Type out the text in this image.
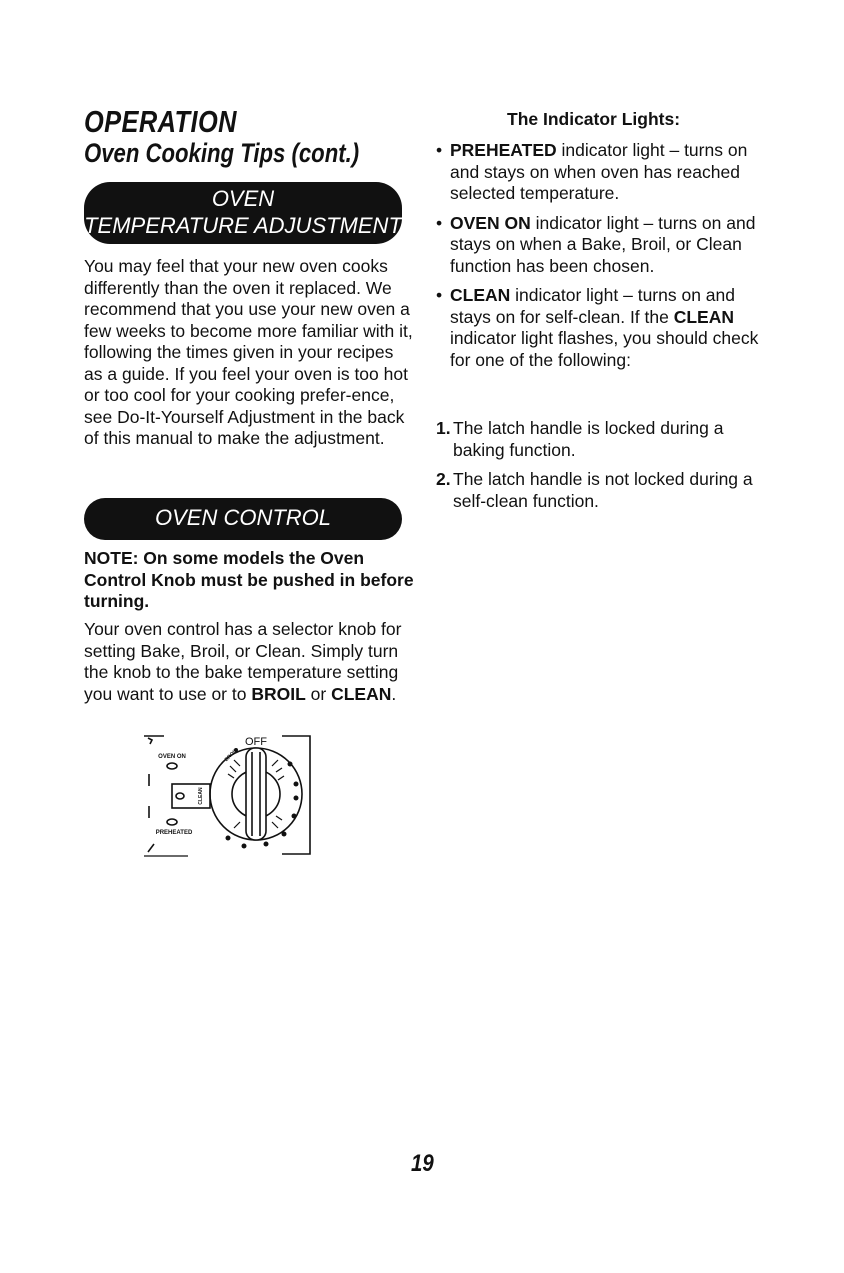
OPERATION
Oven Cooking Tips (cont.)
OVEN
TEMPERATURE ADJUSTMENT

You may feel that your new oven cooks differently than the oven it replaced. We recommend that you use your new oven a few weeks to become more familiar with it, following the times given in your recipes as a guide. If you feel your oven is too hot or too cool for your cooking prefer-ence, see Do-It-Yourself Adjustment in the back of this manual to make the adjustment.

OVEN CONTROL

NOTE: On some models the Oven Control Knob must be pushed in before turning.

Your oven control has a selector knob for setting Bake, Broil, or Clean. Simply turn the knob to the bake temperature setting you want to use or to BROIL or CLEAN.

OFF
OVEN ON
PREHEATED
CLEAN
BROIL
The Indicator Lights:
• PREHEATED indicator light – turns on and stays on when oven has reached selected temperature.
• OVEN ON indicator light – turns on and stays on when a Bake, Broil, or Clean function has been chosen.
• CLEAN indicator light – turns on and stays on for self-clean. If the CLEAN indicator light flashes, you should check for one of the following:
1. The latch handle is locked during a baking function.
2. The latch handle is not locked during a self-clean function.
19
